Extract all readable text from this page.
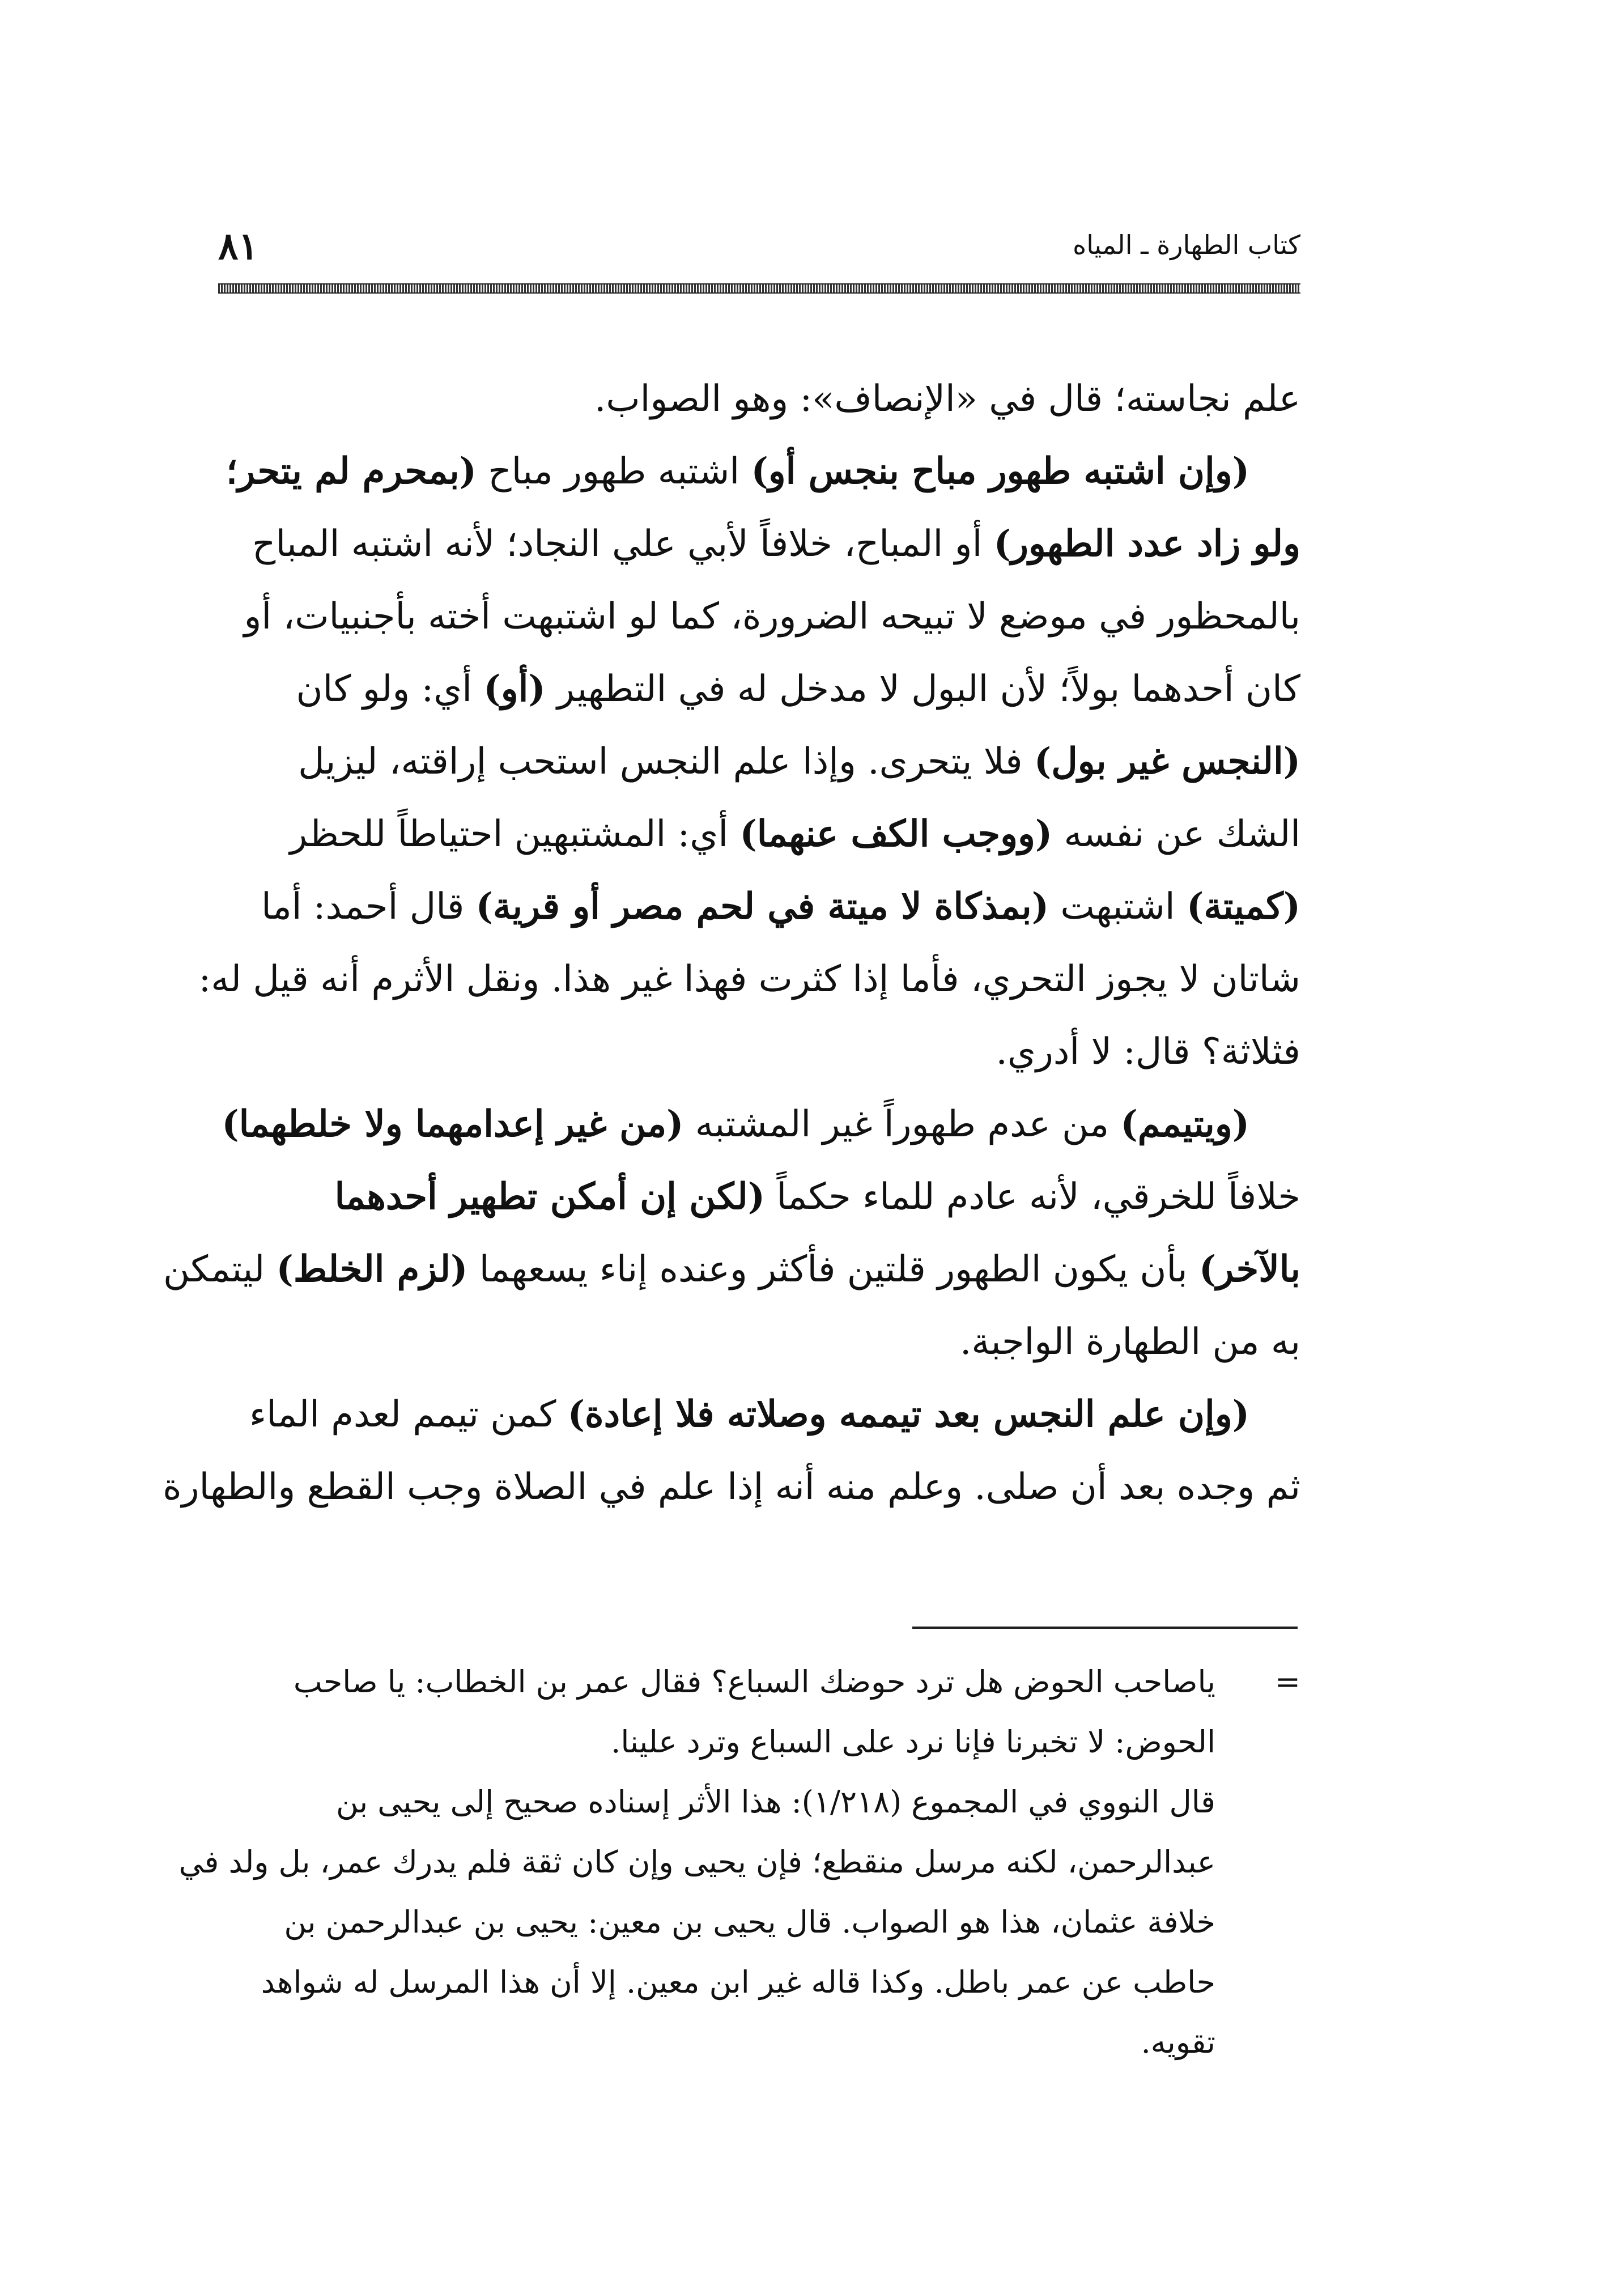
كتاب الطهارة ـ المياه
٨١
علم نجاسته؛ قال في «الإنصاف»: وهو الصواب.
(وإن اشتبه طهور مباح بنجس أو) اشتبه طهور مباح (بمحرم لم يتحر؛
ولو زاد عدد الطهور) أو المباح، خلافاً لأبي علي النجاد؛ لأنه اشتبه المباح
بالمحظور في موضع لا تبيحه الضرورة، كما لو اشتبهت أخته بأجنبيات، أو
كان أحدهما بولاً؛ لأن البول لا مدخل له في التطهير (أو) أي: ولو كان
(النجس غير بول) فلا يتحرى. وإذا علم النجس استحب إراقته، ليزيل
الشك عن نفسه (ووجب الكف عنهما) أي: المشتبهين احتياطاً للحظر
(كميتة) اشتبهت (بمذكاة لا ميتة في لحم مصر أو قرية) قال أحمد: أما
شاتان لا يجوز التحري، فأما إذا كثرت فهذا غير هذا. ونقل الأثرم أنه قيل له:
فثلاثة؟ قال: لا أدري.
(ويتيمم) من عدم طهوراً غير المشتبه (من غير إعدامهما ولا خلطهما)
خلافاً للخرقي، لأنه عادم للماء حكماً (لكن إن أمكن تطهير أحدهما
بالآخر) بأن يكون الطهور قلتين فأكثر وعنده إناء يسعهما (لزم الخلط) ليتمكن
به من الطهارة الواجبة.
(وإن علم النجس بعد تيممه وصلاته فلا إعادة) كمن تيمم لعدم الماء
ثم وجده بعد أن صلى. وعلم منه أنه إذا علم في الصلاة وجب القطع والطهارة
=ياصاحب الحوض هل ترد حوضك السباع؟ فقال عمر بن الخطاب: يا صاحب
الحوض: لا تخبرنا فإنا نرد على السباع وترد علينا.
قال النووي في المجموع (١/٢١٨): هذا الأثر إسناده صحيح إلى يحيى بن
عبدالرحمن، لكنه مرسل منقطع؛ فإن يحيى وإن كان ثقة فلم يدرك عمر، بل ولد في
خلافة عثمان، هذا هو الصواب. قال يحيى بن معين: يحيى بن عبدالرحمن بن
حاطب عن عمر باطل. وكذا قاله غير ابن معين. إلا أن هذا المرسل له شواهد
تقويه.
